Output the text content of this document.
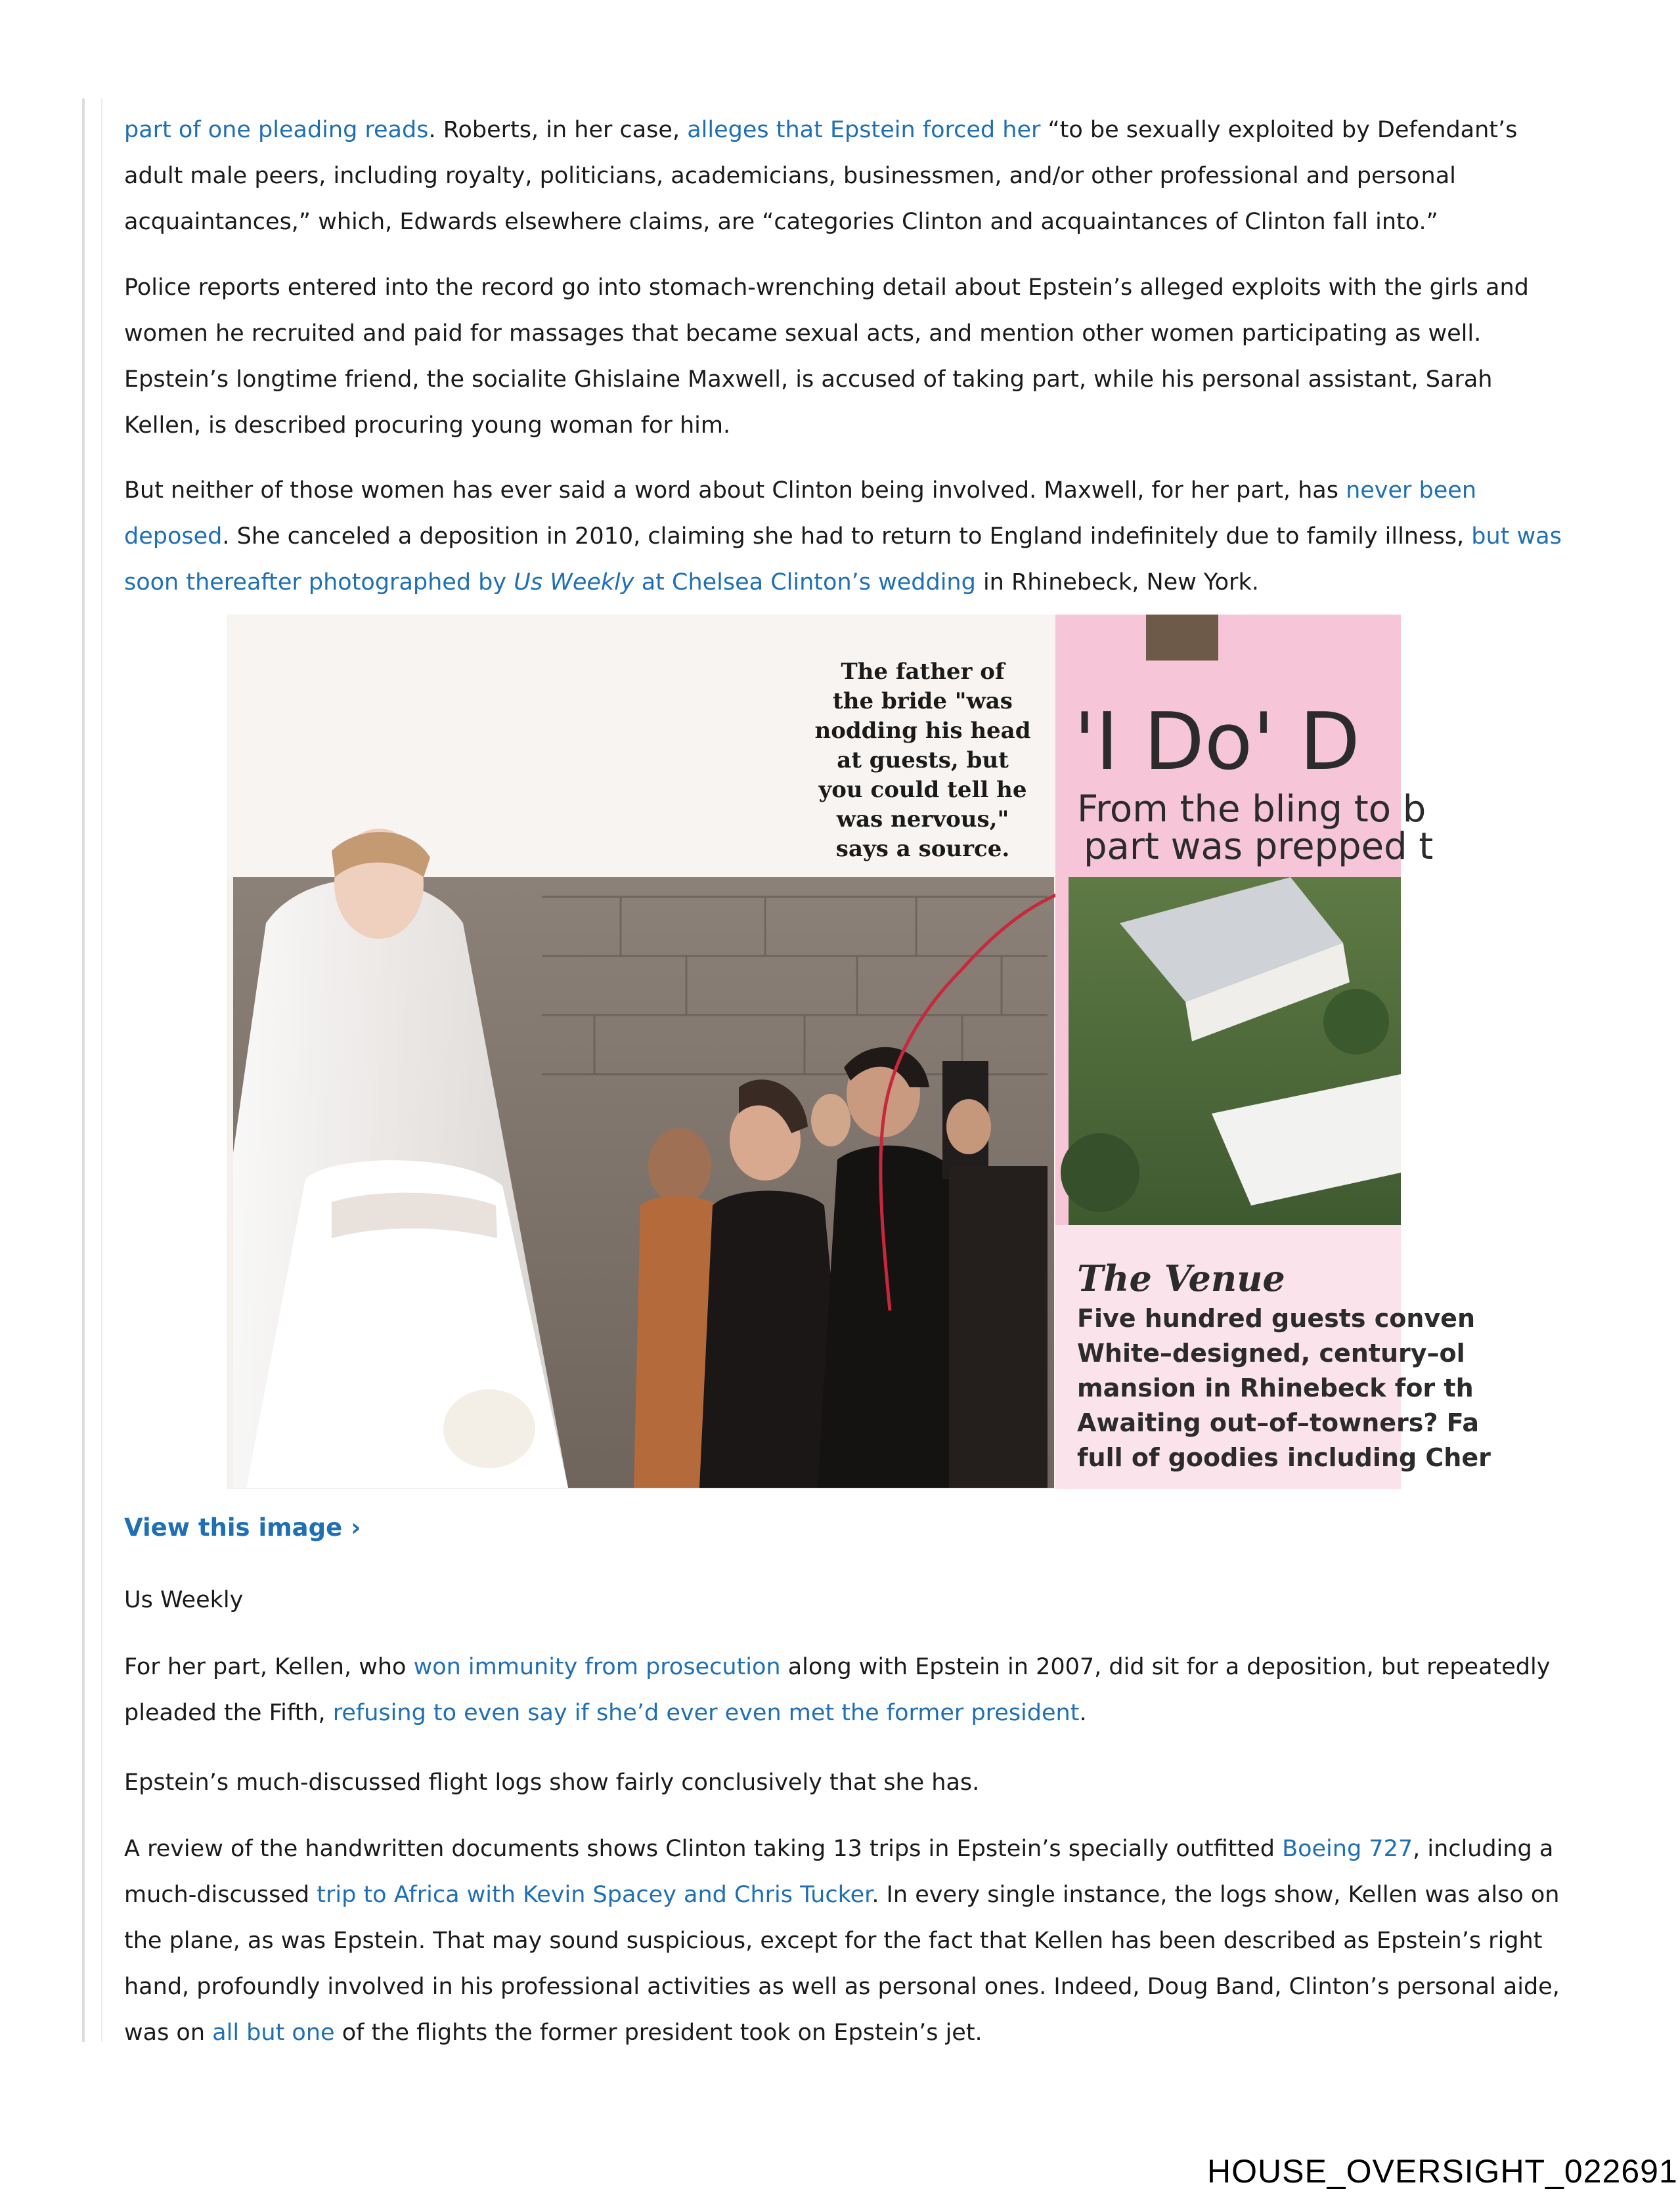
part of one pleading reads. Roberts, in her case, alleges that Epstein forced her “to be sexually exploited by Defendant’s adult male peers, including royalty, politicians, academicians, businessmen, and/or other professional and personal acquaintances,” which, Edwards elsewhere claims, are “categories Clinton and acquaintances of Clinton fall into.”

Police reports entered into the record go into stomach-wrenching detail about Epstein’s alleged exploits with the girls and women he recruited and paid for massages that became sexual acts, and mention other women participating as well. Epstein’s longtime friend, the socialite Ghislaine Maxwell, is accused of taking part, while his personal assistant, Sarah Kellen, is described procuring young woman for him.

But neither of those women has ever said a word about Clinton being involved. Maxwell, for her part, has never been deposed. She canceled a deposition in 2010, claiming she had to return to England indefinitely due to family illness, but was soon thereafter photographed by Us Weekly at Chelsea Clinton’s wedding in Rhinebeck, New York.

The father of
the bride "was
nodding his head
at guests, but
you could tell he
was nervous,"
says a source.
'I Do' D
From the bling to b
part was prepped t
The Venue
Five hundred guests conven
White–designed, century–ol
mansion in Rhinebeck for th
Awaiting out–of–towners? Fa
full of goodies including Cher
View this image ›
Us Weekly

For her part, Kellen, who won immunity from prosecution along with Epstein in 2007, did sit for a deposition, but repeatedly pleaded the Fifth, refusing to even say if she’d ever even met the former president.

Epstein’s much-discussed flight logs show fairly conclusively that she has.

A review of the handwritten documents shows Clinton taking 13 trips in Epstein’s specially outfitted Boeing 727, including a much-discussed trip to Africa with Kevin Spacey and Chris Tucker. In every single instance, the logs show, Kellen was also on the plane, as was Epstein. That may sound suspicious, except for the fact that Kellen has been described as Epstein’s right hand, profoundly involved in his professional activities as well as personal ones. Indeed, Doug Band, Clinton’s personal aide, was on all but one of the flights the former president took on Epstein’s jet.

HOUSE_OVERSIGHT_022691
